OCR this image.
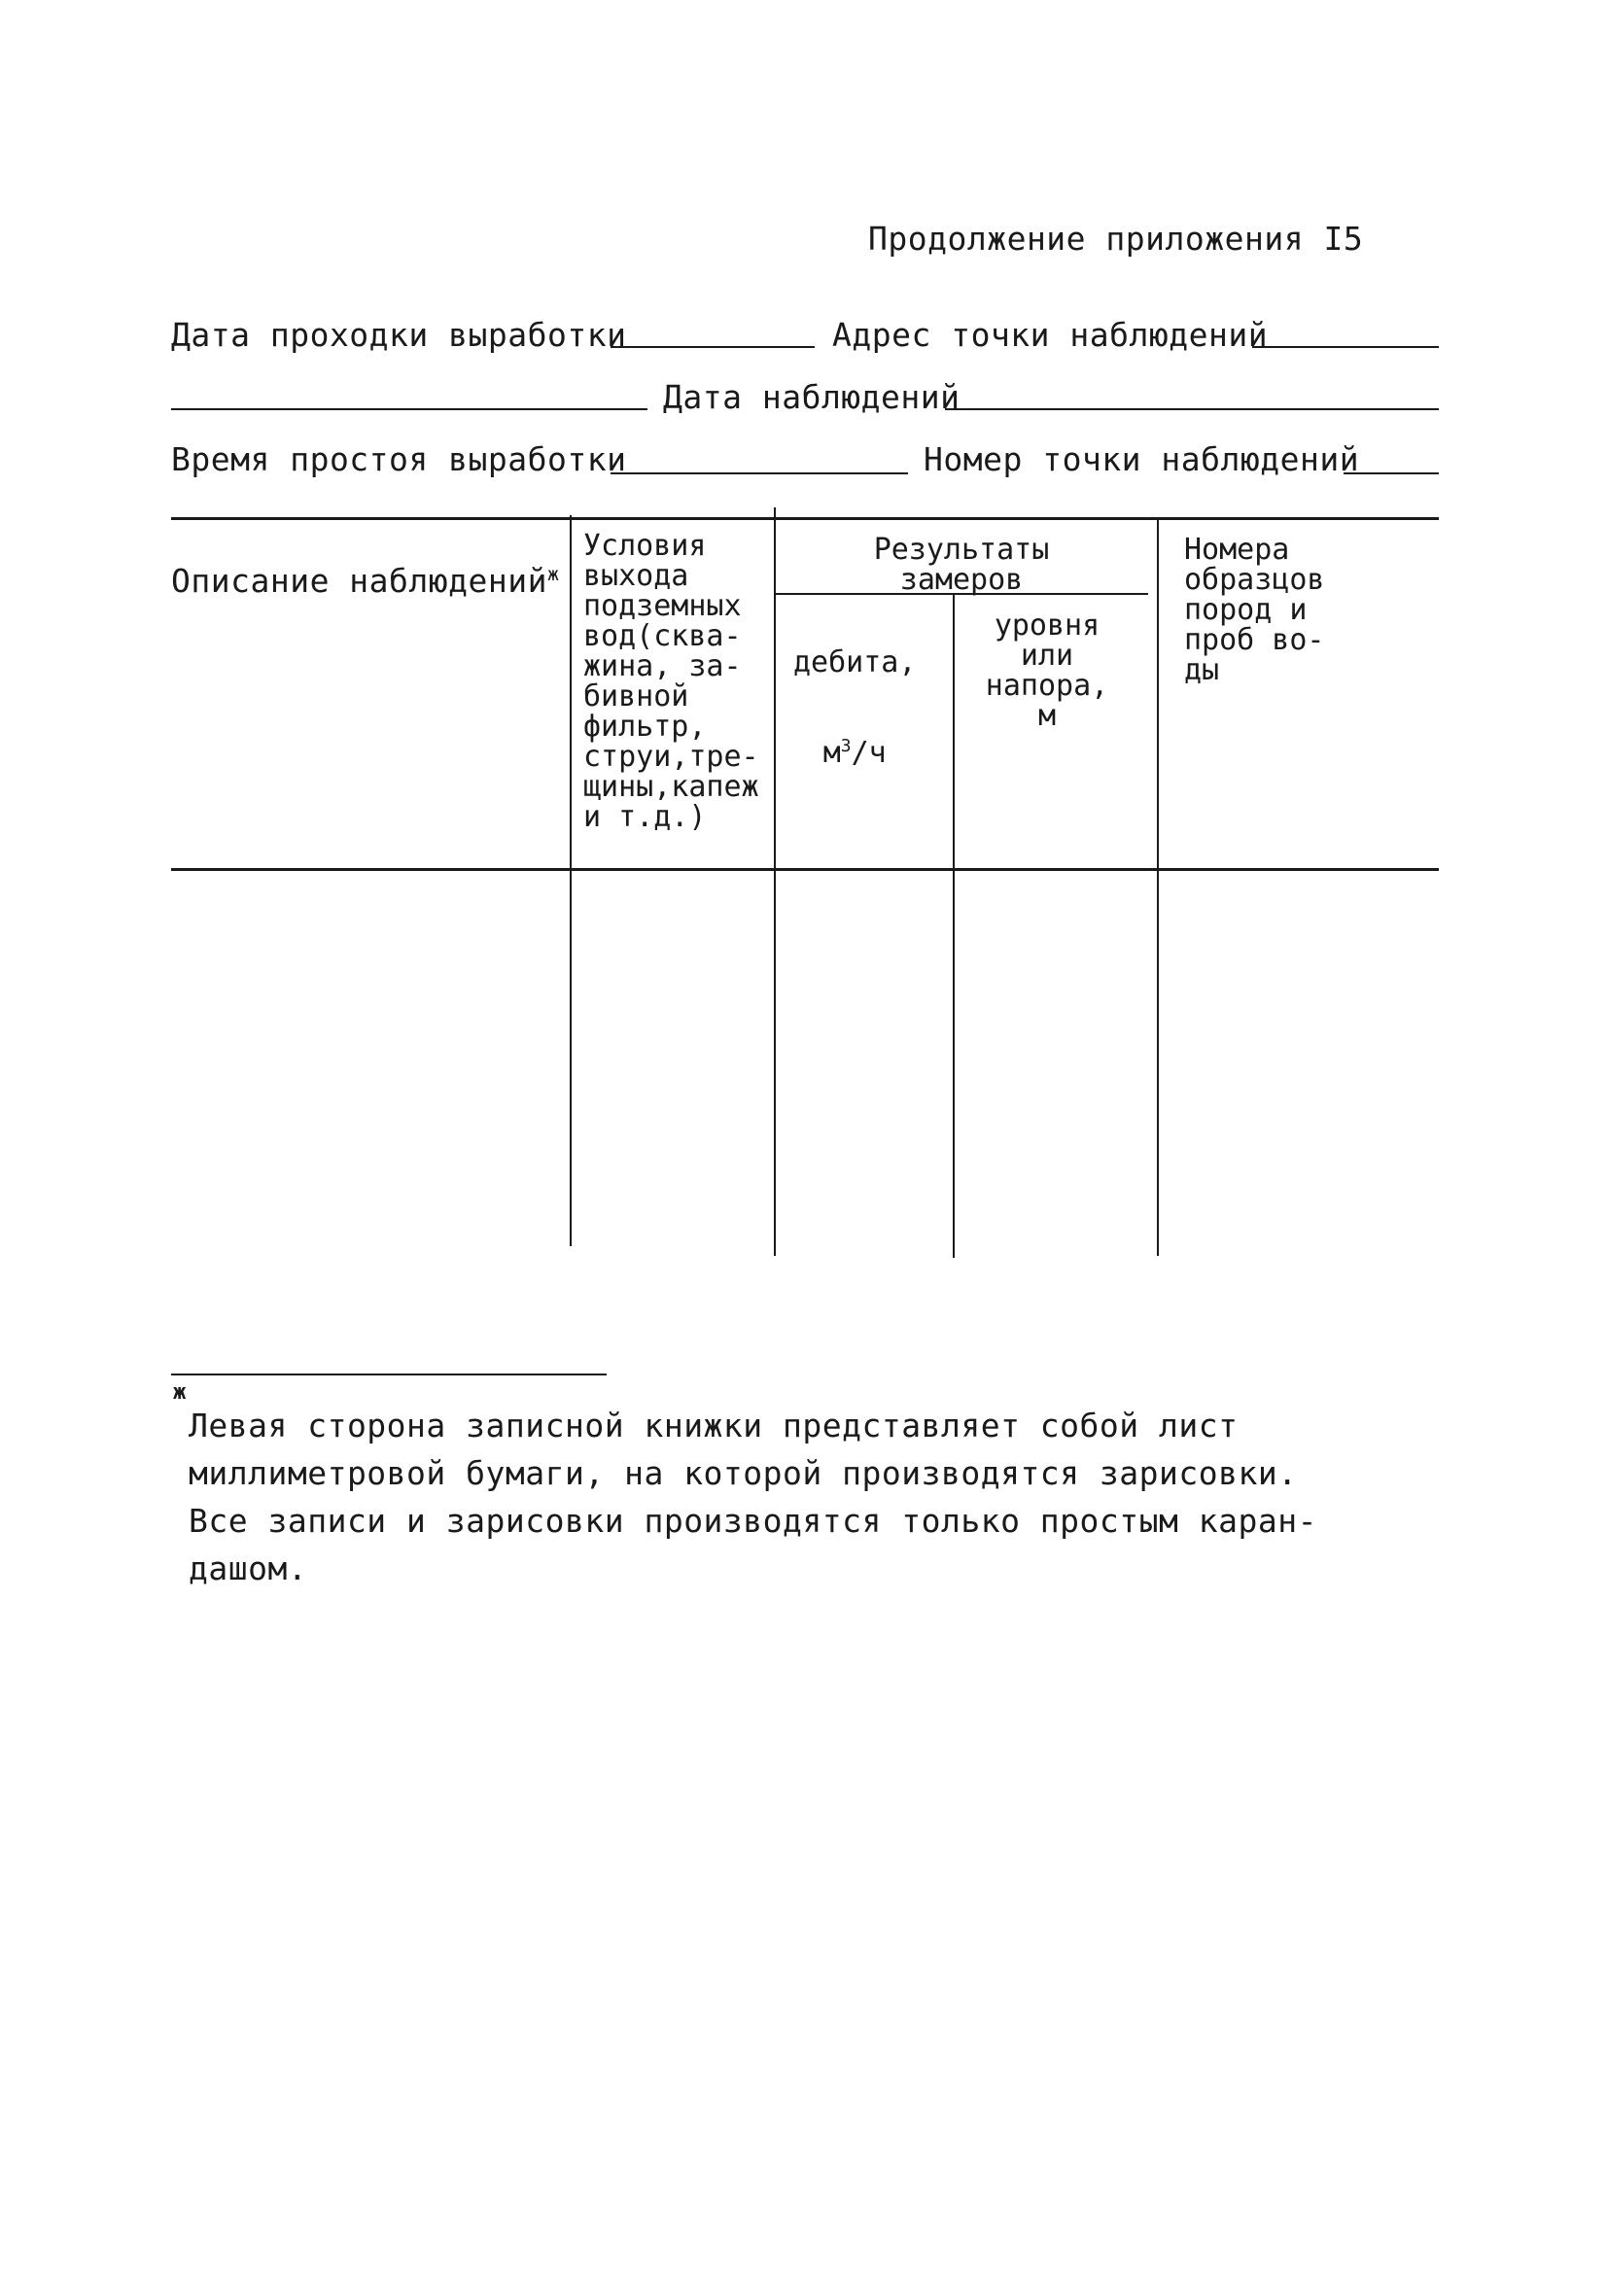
Продолжение приложения I5
Дата проходки выработки	Адрес точки наблюдений
Дата наблюдений
Время простоя выработки	Номер точки наблюдений
Описание наблюдений$^ж$
Условия
выхода
подземных
вод(сква-
жина, за-
бивной
фильтр,
струи,тре-
щины,капеж
и т.д.)
Результаты
замеров

дебита,

$м^3/ч$

уровня
или
напора,
м
Номера
образцов
пород и
проб во-
ды
ж
Левая сторона записной книжки представляет собой лист
миллиметровой бумаги, на которой производятся зарисовки.
Все записи и зарисовки производятся только простым каран-
дашом.
